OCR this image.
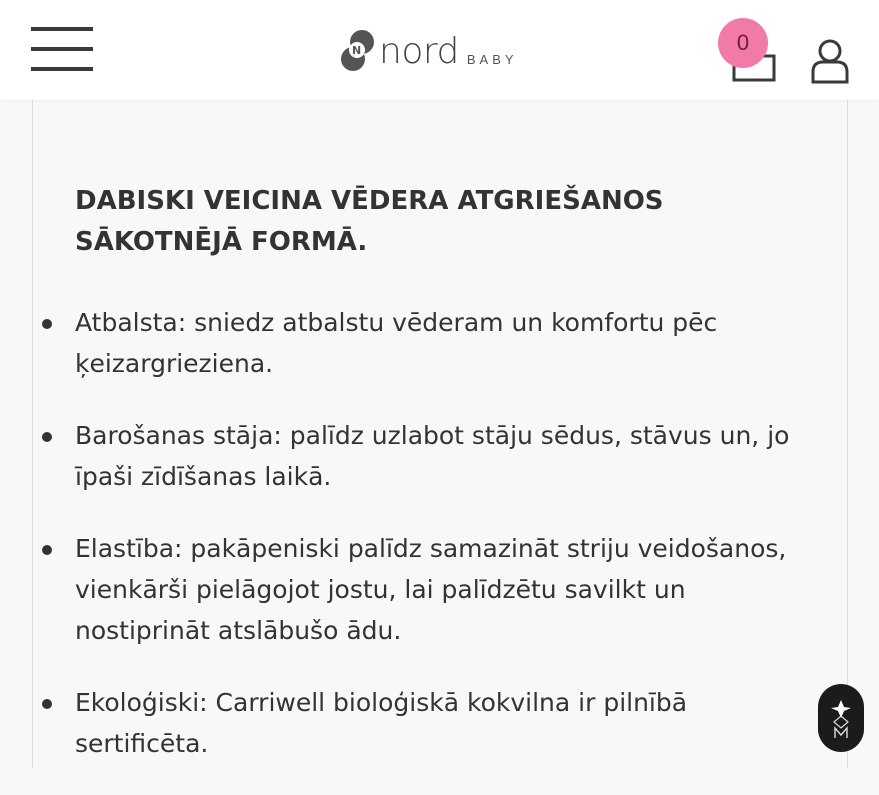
N nord BABY
0
DABISKI VEICINA VĒDERA ATGRIEŠANOS SĀKOTNĒJĀ FORMĀ.
Atbalsta: sniedz atbalstu vēderam un komfortu pēc ķeizargrieziena.
Barošanas stāja: palīdz uzlabot stāju sēdus, stāvus un, jo īpaši zīdīšanas laikā.
Elastība: pakāpeniski palīdz samazināt striju veidošanos, vienkārši pielāgojot jostu, lai palīdzētu savilkt un nostiprināt atslābušo ādu.
Ekoloģiski: Carriwell bioloģiskā kokvilna ir pilnībā sertificēta.
